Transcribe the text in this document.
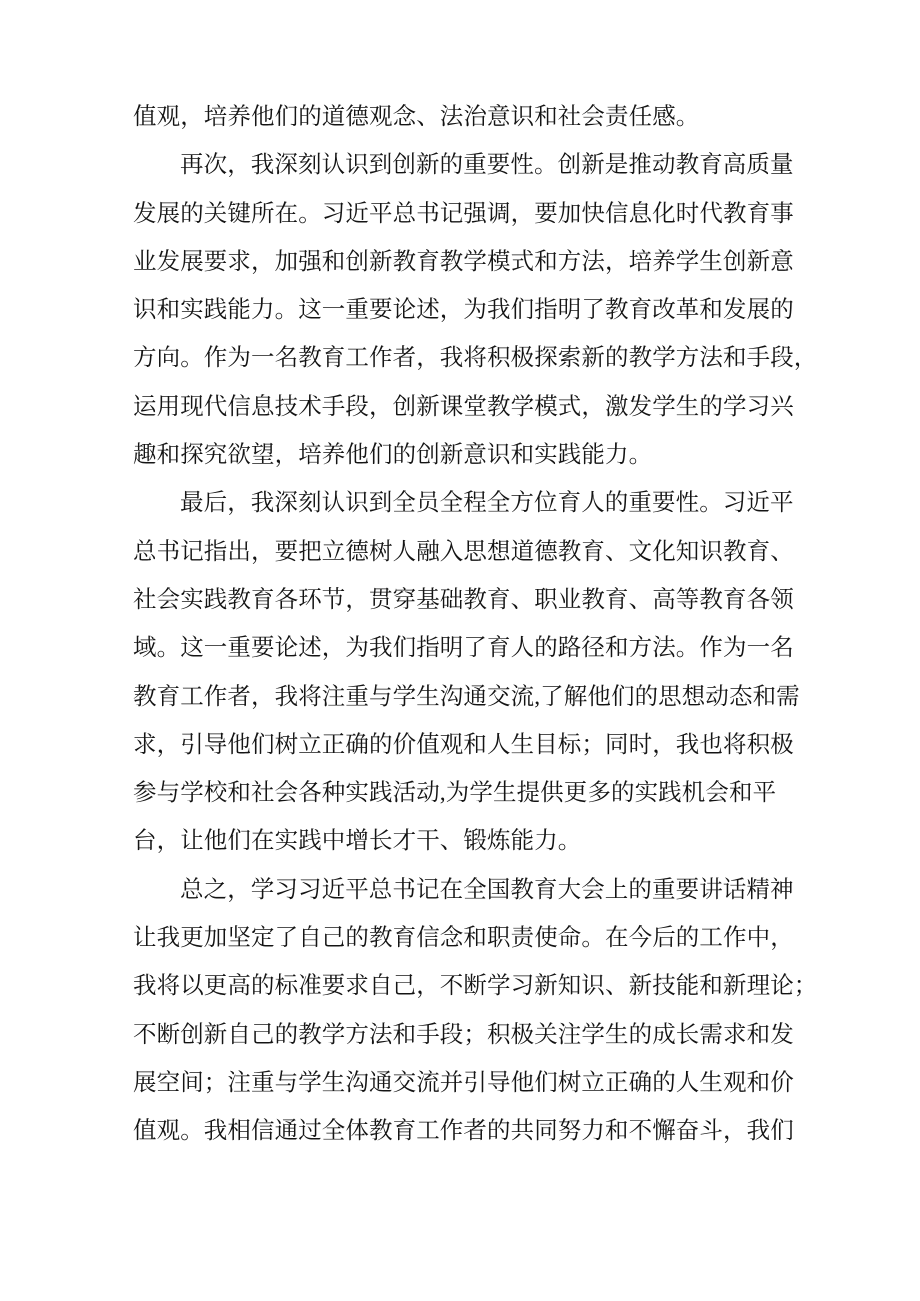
值观，培养他们的道德观念、法治意识和社会责任感。
再次，我深刻认识到创新的重要性。创新是推动教育高质量
发展的关键所在。习近平总书记强调，要加快信息化时代教育事
业发展要求，加强和创新教育教学模式和方法，培养学生创新意
识和实践能力。这一重要论述，为我们指明了教育改革和发展的
方向。作为一名教育工作者，我将积极探索新的教学方法和手段，
运用现代信息技术手段，创新课堂教学模式，激发学生的学习兴
趣和探究欲望，培养他们的创新意识和实践能力。
最后，我深刻认识到全员全程全方位育人的重要性。习近平
总书记指出，要把立德树人融入思想道德教育、文化知识教育、
社会实践教育各环节，贯穿基础教育、职业教育、高等教育各领
域。这一重要论述，为我们指明了育人的路径和方法。作为一名
教育工作者，我将注重与学生沟通交流,了解他们的思想动态和需
求，引导他们树立正确的价值观和人生目标；同时，我也将积极
参与学校和社会各种实践活动,为学生提供更多的实践机会和平
台，让他们在实践中增长才干、锻炼能力。
总之，学习习近平总书记在全国教育大会上的重要讲话精神
让我更加坚定了自己的教育信念和职责使命。在今后的工作中，
我将以更高的标准要求自己，不断学习新知识、新技能和新理论；
不断创新自己的教学方法和手段；积极关注学生的成长需求和发
展空间；注重与学生沟通交流并引导他们树立正确的人生观和价
值观。我相信通过全体教育工作者的共同努力和不懈奋斗，我们
